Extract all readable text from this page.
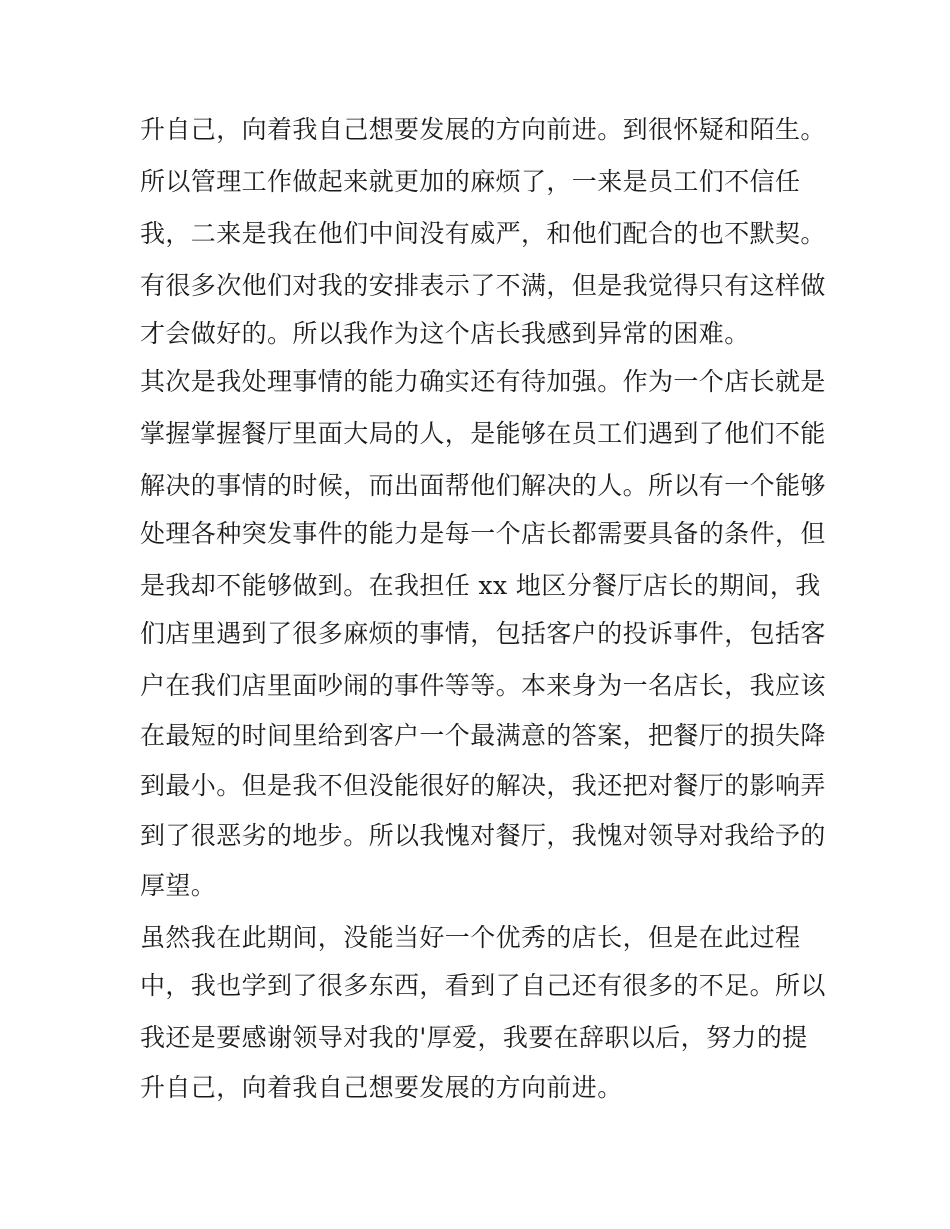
升自己，向着我自己想要发展的方向前进。到很怀疑和陌生。
所以管理工作做起来就更加的麻烦了，一来是员工们不信任
我，二来是我在他们中间没有威严，和他们配合的也不默契。
有很多次他们对我的安排表示了不满，但是我觉得只有这样做
才会做好的。所以我作为这个店长我感到异常的困难。
其次是我处理事情的能力确实还有待加强。作为一个店长就是
掌握掌握餐厅里面大局的人，是能够在员工们遇到了他们不能
解决的事情的时候，而出面帮他们解决的人。所以有一个能够
处理各种突发事件的能力是每一个店长都需要具备的条件，但
是我却不能够做到。在我担任 xx 地区分餐厅店长的期间，我
们店里遇到了很多麻烦的事情，包括客户的投诉事件，包括客
户在我们店里面吵闹的事件等等。本来身为一名店长，我应该
在最短的时间里给到客户一个最满意的答案，把餐厅的损失降
到最小。但是我不但没能很好的解决，我还把对餐厅的影响弄
到了很恶劣的地步。所以我愧对餐厅，我愧对领导对我给予的
厚望。
虽然我在此期间，没能当好一个优秀的店长，但是在此过程
中，我也学到了很多东西，看到了自己还有很多的不足。所以
我还是要感谢领导对我的'厚爱，我要在辞职以后，努力的提
升自己，向着我自己想要发展的方向前进。
